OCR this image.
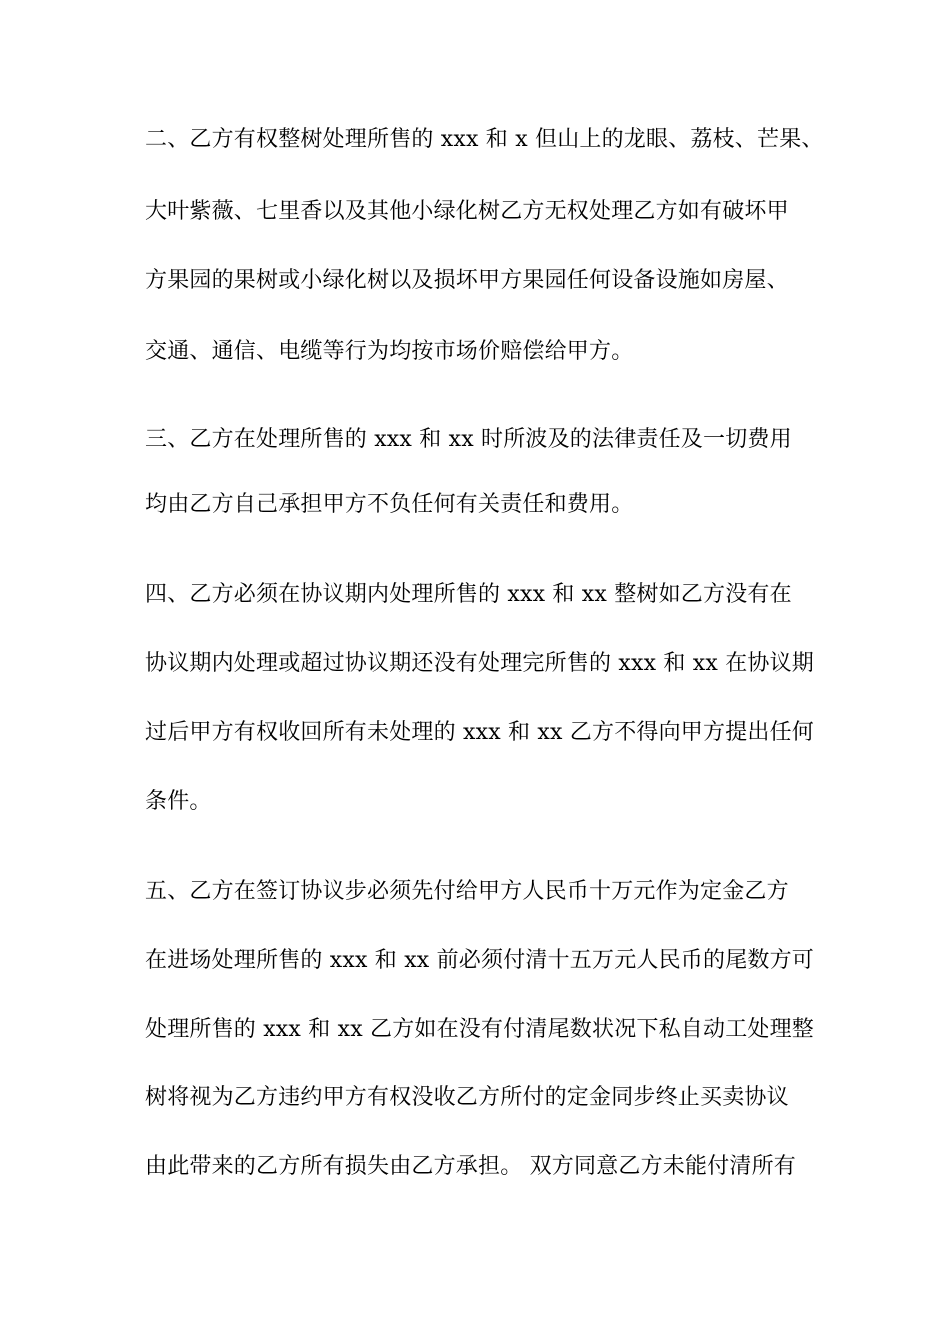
二、乙方有权整树处理所售的 xxx 和 x 但山上的龙眼、荔枝、芒果、
大叶紫薇、七里香以及其他小绿化树乙方无权处理乙方如有破坏甲
方果园的果树或小绿化树以及损坏甲方果园任何设备设施如房屋、
交通、通信、电缆等行为均按市场价赔偿给甲方。
三、乙方在处理所售的 xxx 和 xx 时所波及的法律责任及一切费用
均由乙方自己承担甲方不负任何有关责任和费用。
四、乙方必须在协议期内处理所售的 xxx 和 xx 整树如乙方没有在
协议期内处理或超过协议期还没有处理完所售的 xxx 和 xx 在协议期
过后甲方有权收回所有未处理的 xxx 和 xx 乙方不得向甲方提出任何
条件。
五、乙方在签订协议步必须先付给甲方人民币十万元作为定金乙方
在进场处理所售的 xxx 和 xx 前必须付清十五万元人民币的尾数方可
处理所售的 xxx 和 xx 乙方如在没有付清尾数状况下私自动工处理整
树将视为乙方违约甲方有权没收乙方所付的定金同步终止买卖协议
由此带来的乙方所有损失由乙方承担。 双方同意乙方未能付清所有
